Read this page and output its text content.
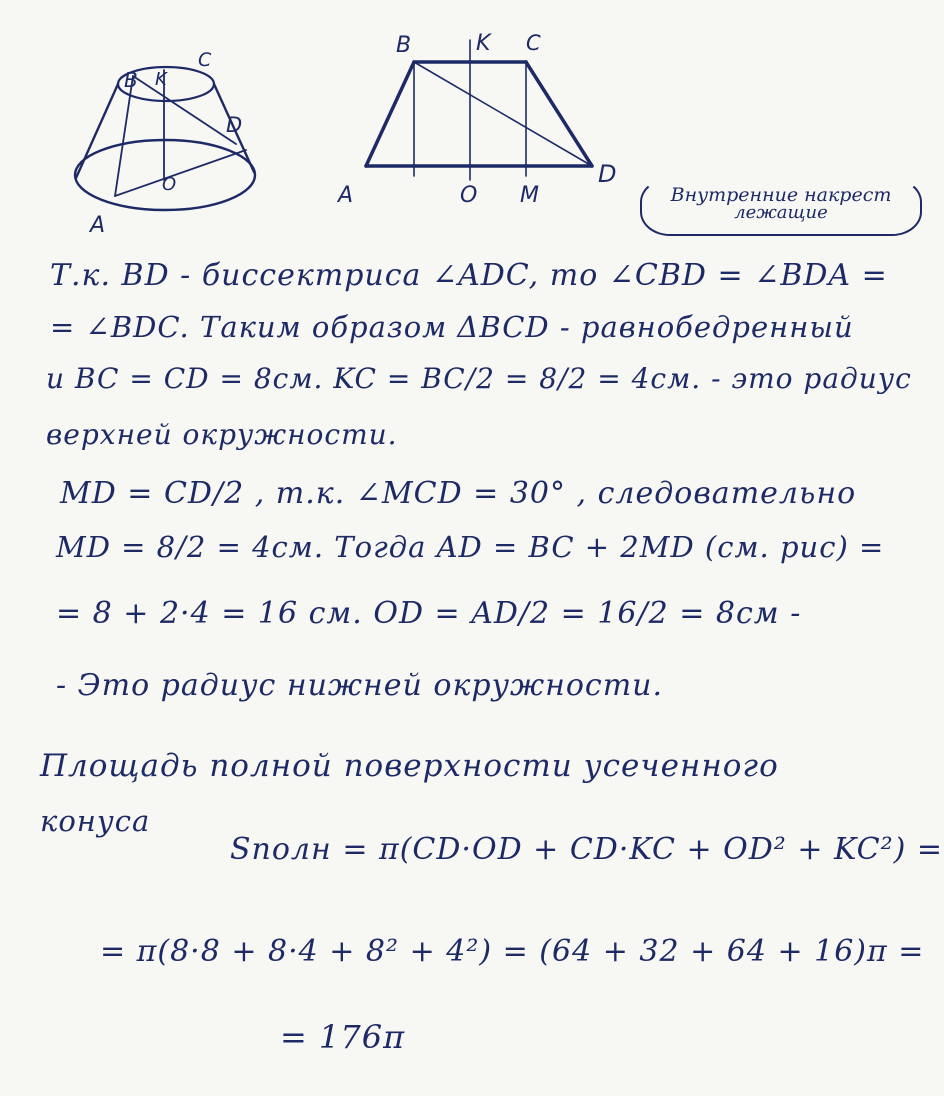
B K
C
D
O
A
B	K C
A	O M
D
Внутренние накрест
лежащие
Т.к. BD - биссектриса ∠ADC, то ∠CBD = ∠BDA =
= ∠BDC. Таким образом ΔBCD - равнобедренный
и BC = CD = 8см. KC = BC/2 = 8/2 = 4см. - это радиус
верхней окружности.
MD = CD/2 , т.к. ∠MCD = 30° , следовательно
MD = 8/2 = 4см. Тогда AD = BC + 2MD (см. рис) =
= 8 + 2·4 = 16 см. OD = AD/2 = 16/2 = 8см -
- Это радиус нижней окружности.
Площадь полной поверхности усеченного
конуса
Sполн = π(CD·OD + CD·KC + OD² + KC²) =
= π(8·8 + 8·4 + 8² + 4²) = (64 + 32 + 64 + 16)π =
= 176π
